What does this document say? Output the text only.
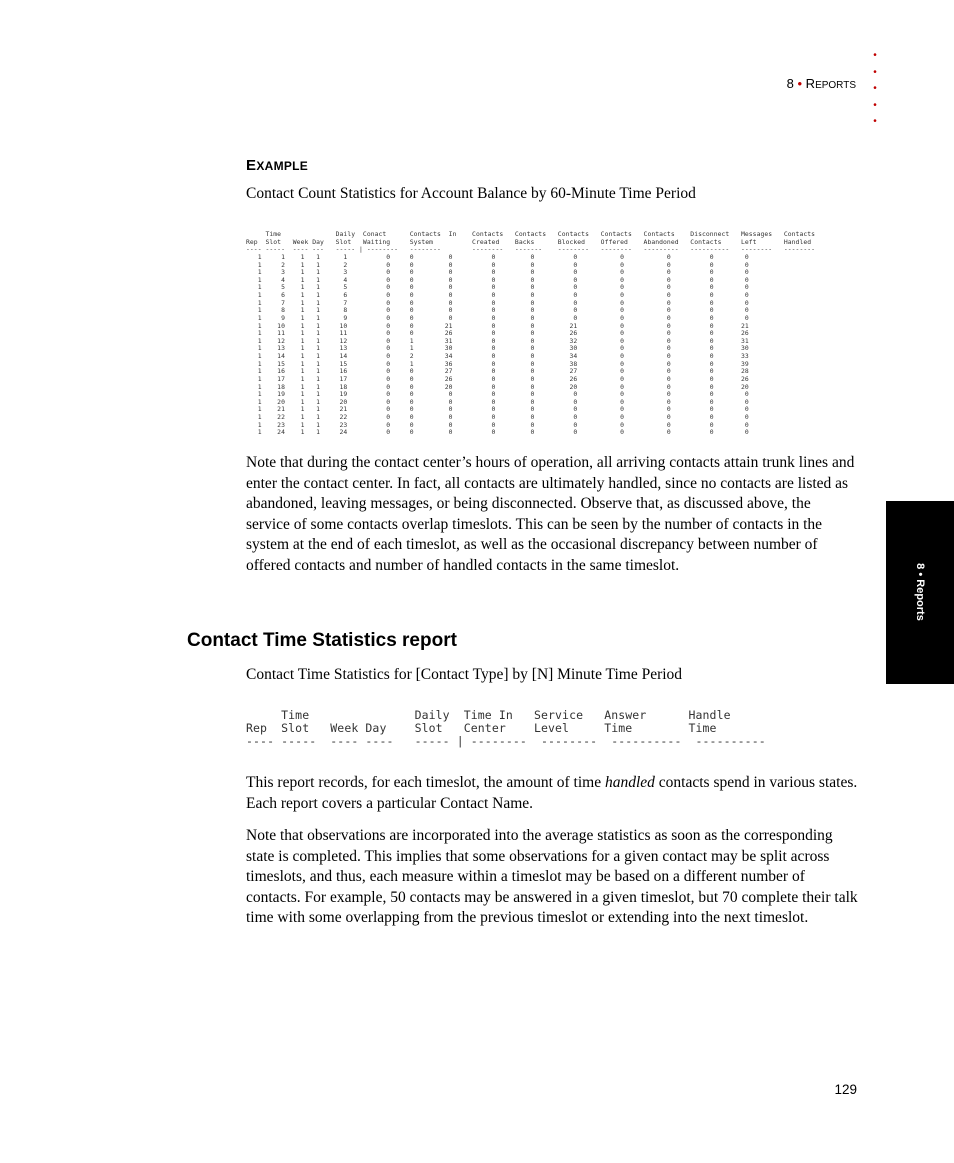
•
•
•
•
•
8 • REPORTS
8 • Reports
EXAMPLE
Contact Count Statistics for Account Balance by 60-Minute Time Period
Time              Daily  Conact      Contacts  In    Contacts   Contacts   Contacts   Contacts   Contacts    Disconnect   Messages   Contacts
Rep  Slot   Week Day   Slot   Waiting     System          Created    Backs      Blocked    Offered    Abandoned   Contacts     Left       Handled
---- -----  ---- ---   ----- | --------   --------        --------   -------    --------   --------   ---------   ----------   --------   --------
1     1    1   1      1          0     0         0          0         0          0           0           0          0        0
1     2    1   1      2          0     0         0          0         0          0           0           0          0        0
1     3    1   1      3          0     0         0          0         0          0           0           0          0        0
1     4    1   1      4          0     0         0          0         0          0           0           0          0        0
1     5    1   1      5          0     0         0          0         0          0           0           0          0        0
1     6    1   1      6          0     0         0          0         0          0           0           0          0        0
1     7    1   1      7          0     0         0          0         0          0           0           0          0        0
1     8    1   1      8          0     0         0          0         0          0           0           0          0        0
1     9    1   1      9          0     0         0          0         0          0           0           0          0        0
1    10    1   1     10          0     0        21          0         0         21           0           0          0       21
1    11    1   1     11          0     0        26          0         0         26           0           0          0       26
1    12    1   1     12          0     1        31          0         0         32           0           0          0       31
1    13    1   1     13          0     1        30          0         0         30           0           0          0       30
1    14    1   1     14          0     2        34          0         0         34           0           0          0       33
1    15    1   1     15          0     1        36          0         0         38           0           0          0       39
1    16    1   1     16          0     0        27          0         0         27           0           0          0       28
1    17    1   1     17          0     0        26          0         0         26           0           0          0       26
1    18    1   1     18          0     0        20          0         0         20           0           0          0       20
1    19    1   1     19          0     0         0          0         0          0           0           0          0        0
1    20    1   1     20          0     0         0          0         0          0           0           0          0        0
1    21    1   1     21          0     0         0          0         0          0           0           0          0        0
1    22    1   1     22          0     0         0          0         0          0           0           0          0        0
1    23    1   1     23          0     0         0          0         0          0           0           0          0        0
1    24    1   1     24          0     0         0          0         0          0           0           0          0        0

Note that during the contact center’s hours of operation, all arriving contacts attain trunk lines and enter the contact center. In fact, all contacts are ultimately handled, since no contacts are listed as abandoned, leaving messages, or being disconnected. Observe that, as discussed above, the service of some contacts overlap timeslots. This can be seen by the number of contacts in the system at the end of each timeslot, as well as the occasional discrepancy between number of offered contacts and number of handled contacts in the same timeslot.

Contact Time Statistics report
Contact Time Statistics for [Contact Type] by [N] Minute Time Period
Time               Daily  Time In   Service   Answer      Handle
Rep  Slot   Week Day    Slot   Center    Level     Time        Time
---- -----  ---- ----   ----- | --------  --------  ----------  ----------

This report records, for each timeslot, the amount of time handled contacts spend in various states. Each report covers a particular Contact Name.

Note that observations are incorporated into the average statistics as soon as the corresponding state is completed. This implies that some observations for a given contact may be split across timeslots, and thus, each measure within a timeslot may be based on a different number of contacts. For example, 50 contacts may be answered in a given timeslot, but 70 complete their talk time with some overlapping from the previous timeslot or extending into the next timeslot.

129
